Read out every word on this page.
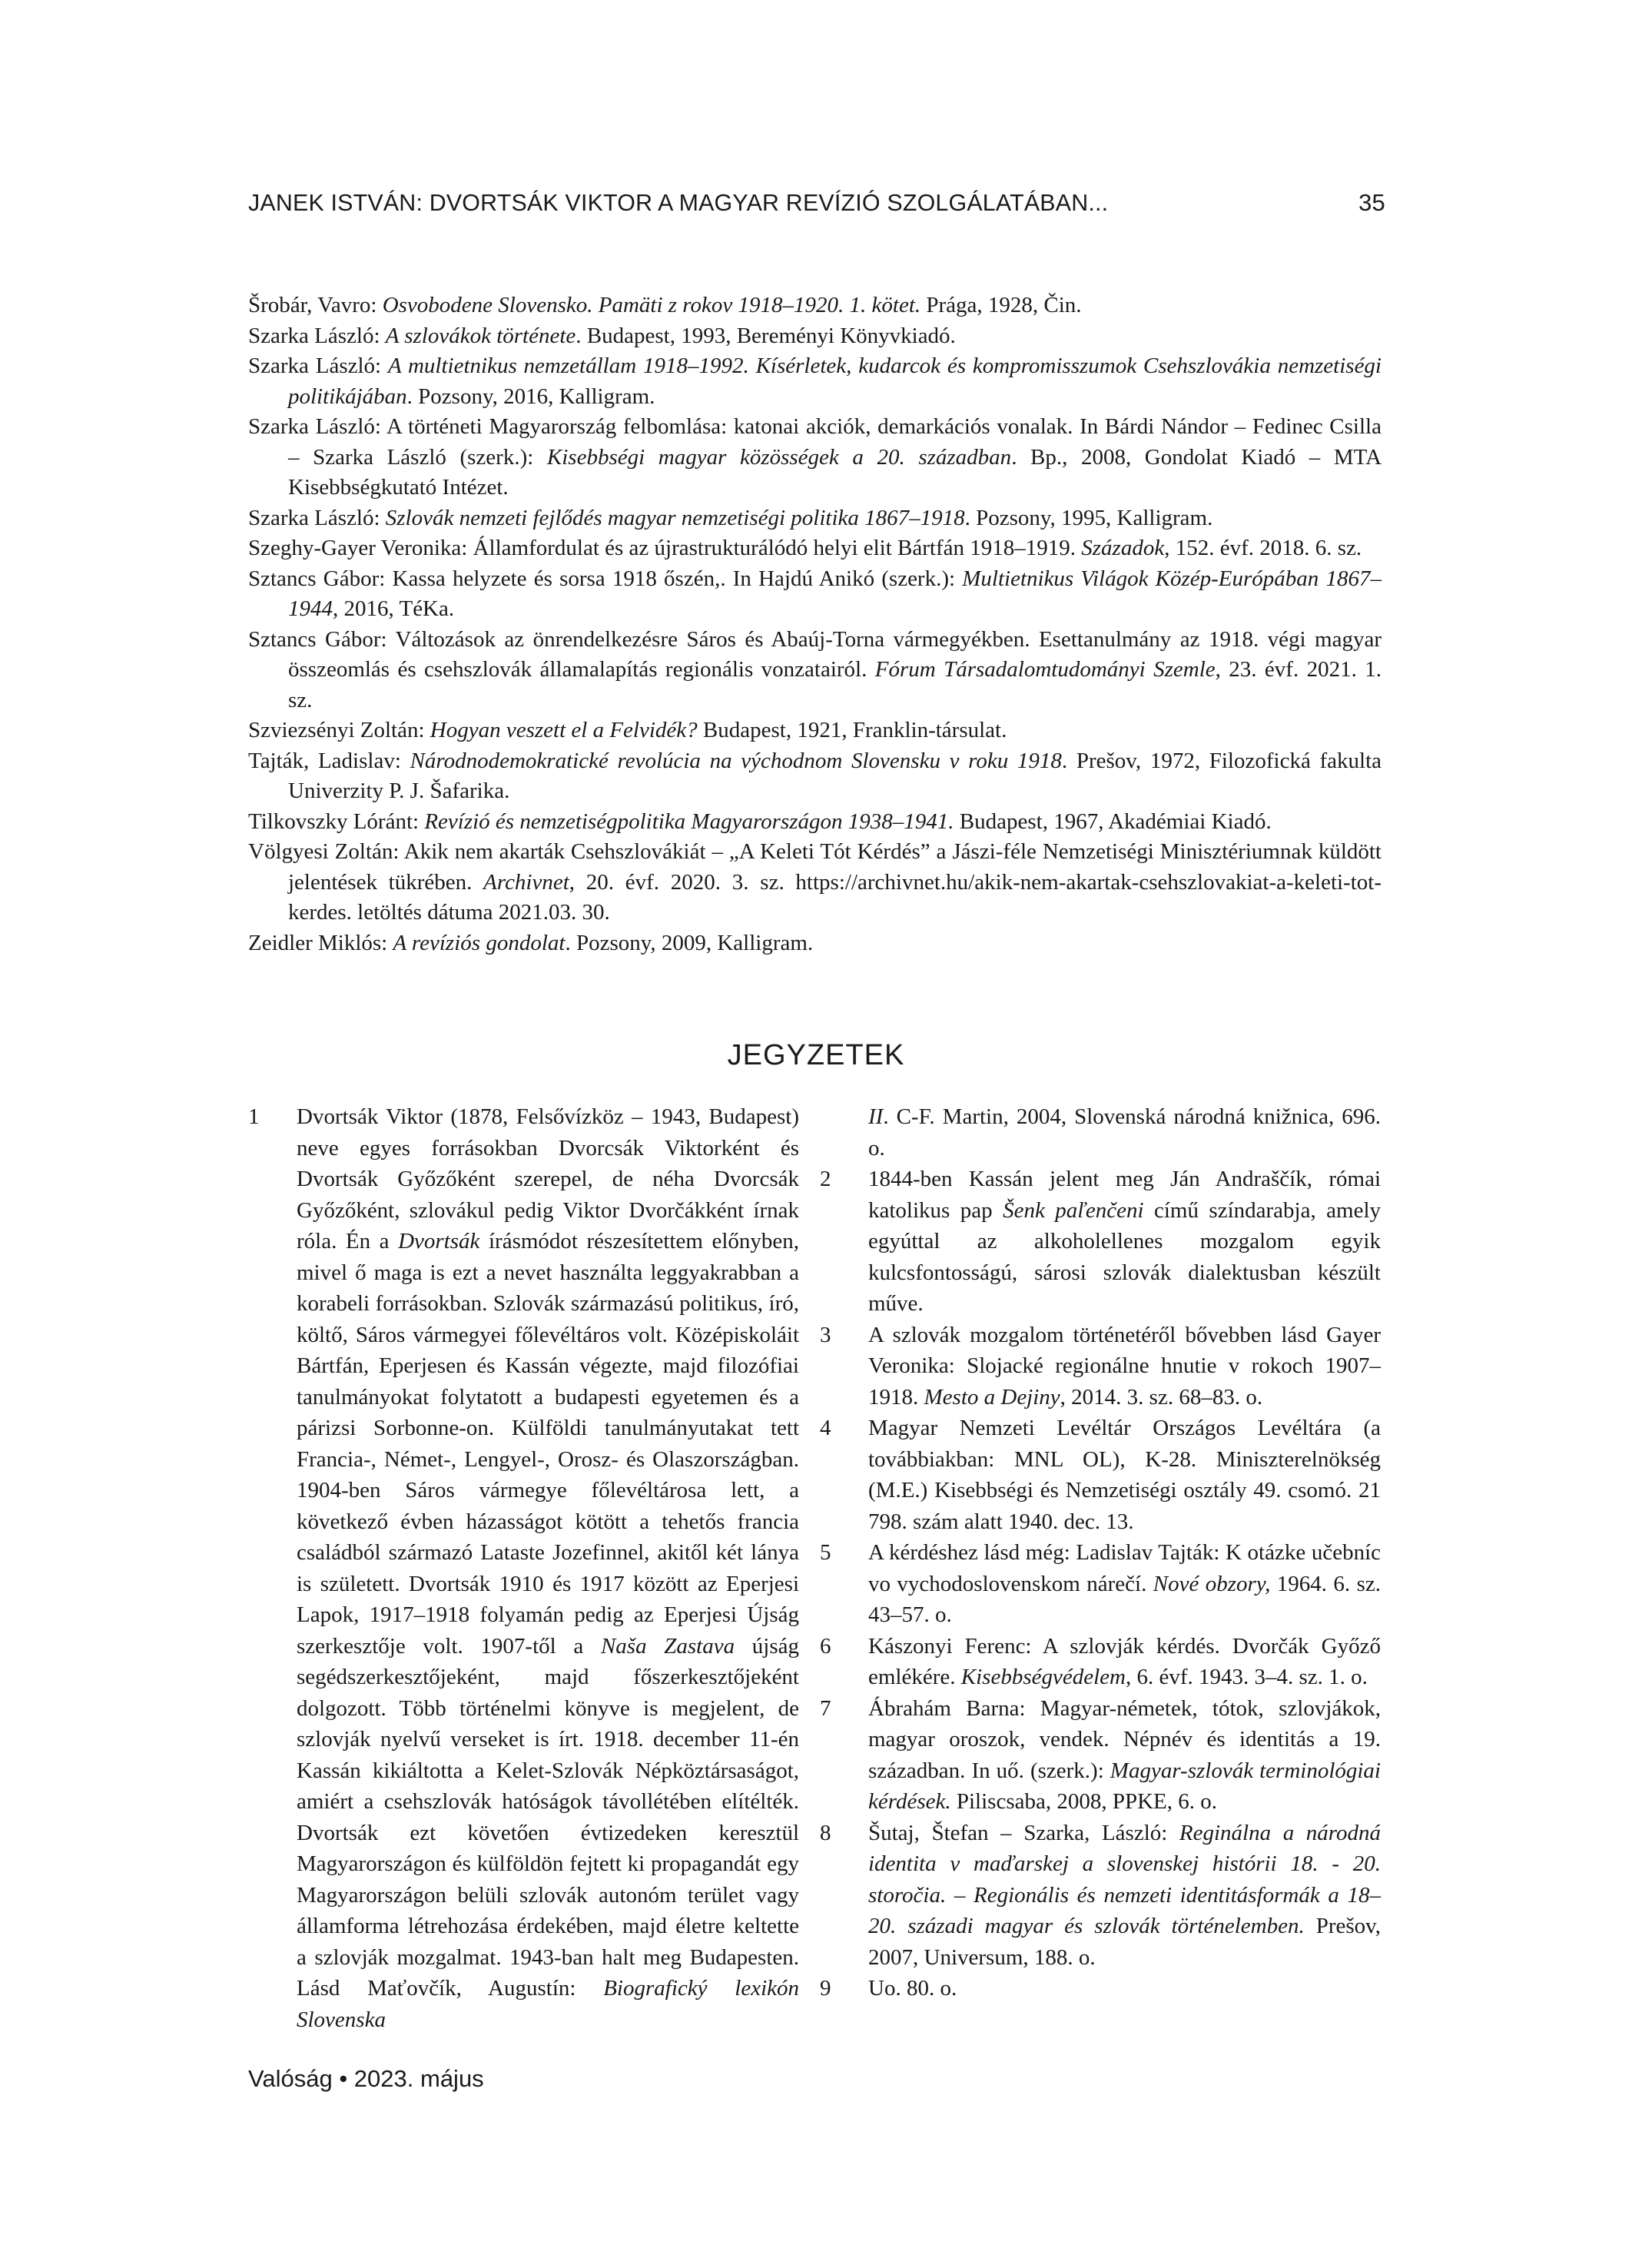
JANEK ISTVÁN: DVORTSÁK VIKTOR A MAGYAR REVÍZIÓ SZOLGÁLATÁBAN...	35

Šrobár, Vavro: Osvobodene Slovensko. Pamäti z rokov 1918–1920. 1. kötet. Prága, 1928, Čin.

Szarka László: A szlovákok története. Budapest, 1993, Bereményi Könyvkiadó.

Szarka László: A multietnikus nemzetállam 1918–1992. Kísérletek, kudarcok és kompromisszumok Csehszlovákia nemzetiségi politikájában. Pozsony, 2016, Kalligram.

Szarka László: A történeti Magyarország felbomlása: katonai akciók, demarkációs vonalak. In Bárdi Nándor – Fedinec Csilla – Szarka László (szerk.): Kisebbségi magyar közösségek a 20. században. Bp., 2008, Gondolat Kiadó – MTA Kisebbségkutató Intézet.

Szarka László: Szlovák nemzeti fejlődés magyar nemzetiségi politika 1867–1918. Pozsony, 1995, Kalligram.

Szeghy-Gayer Veronika: Államfordulat és az újrastrukturálódó helyi elit Bártfán 1918–1919. Századok, 152. évf. 2018. 6. sz.

Sztancs Gábor: Kassa helyzete és sorsa 1918 őszén,. In Hajdú Anikó (szerk.): Multietnikus Világok Közép-Európában 1867–1944, 2016, TéKa.

Sztancs Gábor: Változások az önrendelkezésre Sáros és Abaúj-Torna vármegyékben. Esettanulmány az 1918. végi magyar összeomlás és csehszlovák államalapítás regionális vonzatairól. Fórum Társadalomtudományi Szemle, 23. évf. 2021. 1. sz.

Szviezsényi Zoltán: Hogyan veszett el a Felvidék? Budapest, 1921, Franklin-társulat.

Tajták, Ladislav: Národnodemokratické revolúcia na východnom Slovensku v roku 1918. Prešov, 1972, Filozofická fakulta Univerzity P. J. Šafarika.

Tilkovszky Lóránt: Revízió és nemzetiségpolitika Magyarországon 1938–1941. Budapest, 1967, Akadémiai Kiadó.

Völgyesi Zoltán: Akik nem akarták Csehszlovákiát – „A Keleti Tót Kérdés” a Jászi-féle Nemzetiségi Minisztériumnak küldött jelentések tükrében. Archivnet, 20. évf. 2020. 3. sz. https://archivnet.hu/akik-nem-akartak-csehszlovakiat-a-keleti-tot-kerdes. letöltés dátuma 2021.03. 30.

Zeidler Miklós: A revíziós gondolat. Pozsony, 2009, Kalligram.

JEGYZETEK

1 Dvortsák Viktor (1878, Felsővízköz – 1943, Budapest) neve egyes forrásokban Dvorcsák Viktorként és Dvortsák Győzőként szerepel, de néha Dvorcsák Győzőként, szlovákul pedig Viktor Dvorčákként írnak róla. Én a Dvortsák írásmódot részesítettem előnyben, mivel ő maga is ezt a nevet használta leggyakrabban a korabeli forrásokban. Szlovák származású politikus, író, költő, Sáros vármegyei főlevéltáros volt. Középiskoláit Bártfán, Eperjesen és Kassán végezte, majd filozófiai tanulmányokat folytatott a budapesti egyetemen és a párizsi Sorbonne-on. Külföldi tanulmányutakat tett Francia-, Német-, Lengyel-, Orosz- és Olaszországban. 1904-ben Sáros vármegye főlevéltárosa lett, a következő évben házasságot kötött a tehetős francia családból származó Lataste Jozefinnel, akitől két lánya is született. Dvortsák 1910 és 1917 között az Eperjesi Lapok, 1917–1918 folyamán pedig az Eperjesi Újság szerkesztője volt. 1907-től a Naša Zastava újság segédszerkesztőjeként, majd főszerkesztőjeként dolgozott. Több történelmi könyve is megjelent, de szlovják nyelvű verseket is írt. 1918. december 11-én Kassán kikiáltotta a Kelet-Szlovák Népköztársaságot, amiért a csehszlovák hatóságok távollétében elítélték. Dvortsák ezt követően évtizedeken keresztül Magyarországon és külföldön fejtett ki propagandát egy Magyarországon belüli szlovák autonóm terület vagy államforma létrehozása érdekében, majd életre keltette a szlovják mozgalmat. 1943-ban halt meg Budapesten. Lásd Maťovčík, Augustín: Biografický lexikón Slovenska

II. C-F. Martin, 2004, Slovenská národná knižnica, 696. o.

2 1844-ben Kassán jelent meg Ján Andraščík, római katolikus pap Šenk paľenčeni című színdarabja, amely egyúttal az alkoholellenes mozgalom egyik kulcsfontosságú, sárosi szlovák dialektusban készült műve.

3 A szlovák mozgalom történetéről bővebben lásd Gayer Veronika: Slojacké regionálne hnutie v rokoch 1907–1918. Mesto a Dejiny, 2014. 3. sz. 68–83. o.

4 Magyar Nemzeti Levéltár Országos Levéltára (a továbbiakban: MNL OL), K-28. Miniszterelnökség (M.E.) Kisebbségi és Nemzetiségi osztály 49. csomó. 21 798. szám alatt 1940. dec. 13.

5 A kérdéshez lásd még: Ladislav Tajták: K otázke učebníc vo vychodoslovenskom nárečí. Nové obzory, 1964. 6. sz. 43–57. o.

6 Kászonyi Ferenc: A szlovják kérdés. Dvorčák Győző emlékére. Kisebbségvédelem, 6. évf. 1943. 3–4. sz. 1. o.

7 Ábrahám Barna: Magyar-németek, tótok, szlovjákok, magyar oroszok, vendek. Népnév és identitás a 19. században. In uő. (szerk.): Magyar-szlovák terminológiai kérdések. Piliscsaba, 2008, PPKE, 6. o.

8 Šutaj, Štefan – Szarka, László: Reginálna a národná identita v maďarskej a slovenskej histórii 18. - 20. storočia. – Regionális és nemzeti identitásformák a 18–20. századi magyar és szlovák történelemben. Prešov, 2007, Universum, 188. o.

9 Uo. 80. o.

Valóság • 2023. május
